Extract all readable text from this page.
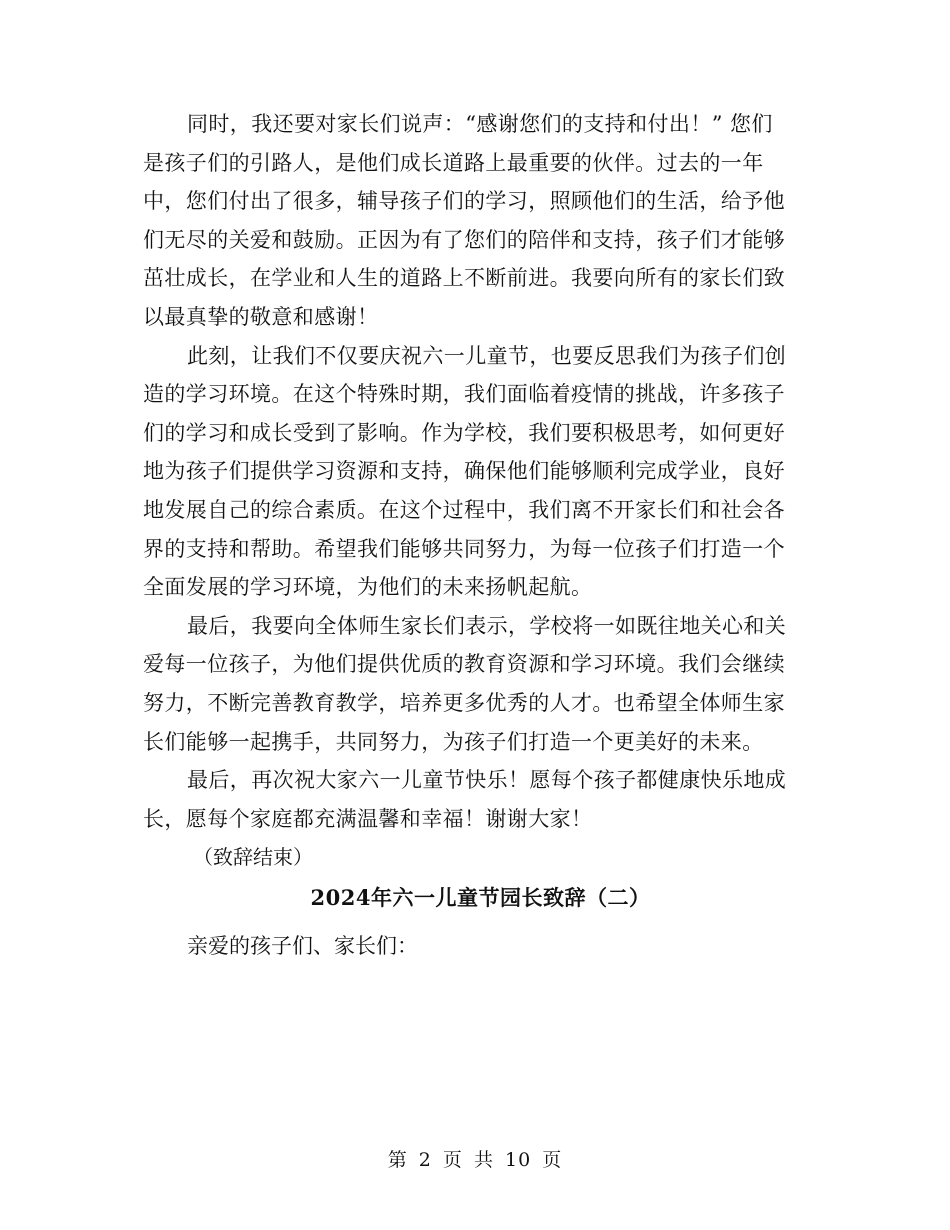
同时，我还要对家长们说声：“感谢您们的支持和付出！” 您们
是孩子们的引路人，是他们成长道路上最重要的伙伴。过去的一年
中，您们付出了很多，辅导孩子们的学习，照顾他们的生活，给予他
们无尽的关爱和鼓励。正因为有了您们的陪伴和支持，孩子们才能够
茁壮成长，在学业和人生的道路上不断前进。我要向所有的家长们致
以最真挚的敬意和感谢！
此刻，让我们不仅要庆祝六一儿童节，也要反思我们为孩子们创
造的学习环境。在这个特殊时期，我们面临着疫情的挑战，许多孩子
们的学习和成长受到了影响。作为学校，我们要积极思考，如何更好
地为孩子们提供学习资源和支持，确保他们能够顺利完成学业，良好
地发展自己的综合素质。在这个过程中，我们离不开家长们和社会各
界的支持和帮助。希望我们能够共同努力，为每一位孩子们打造一个
全面发展的学习环境，为他们的未来扬帆起航。
最后，我要向全体师生家长们表示，学校将一如既往地关心和关
爱每一位孩子，为他们提供优质的教育资源和学习环境。我们会继续
努力，不断完善教育教学，培养更多优秀的人才。也希望全体师生家
长们能够一起携手，共同努力，为孩子们打造一个更美好的未来。
最后，再次祝大家六一儿童节快乐！愿每个孩子都健康快乐地成
长，愿每个家庭都充满温馨和幸福！谢谢大家！

（致辞结束）

2024年六一儿童节园长致辞（二）

亲爱的孩子们、家长们：

第 2 页 共 10 页
